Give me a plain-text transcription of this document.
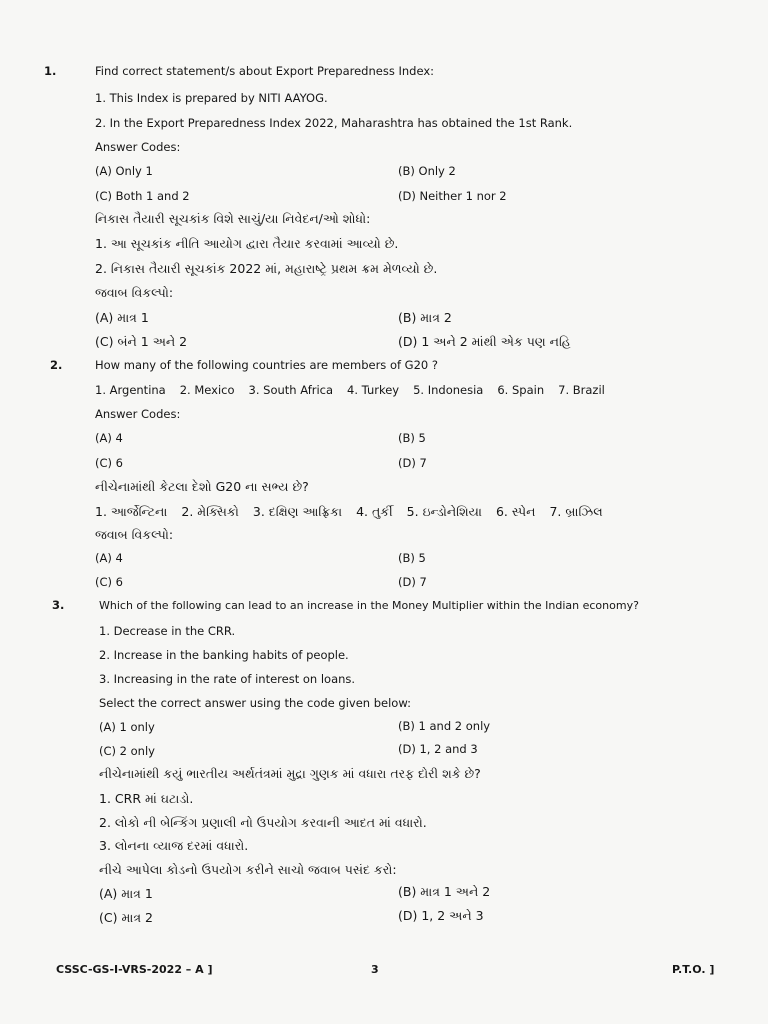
1.	Find correct statement/s about Export Preparedness Index:
1. This Index is prepared by NITI AAYOG.
2. In the Export Preparedness Index 2022, Maharashtra has obtained the 1st Rank.
Answer Codes:
(A) Only 1	(B) Only 2
(C) Both 1 and 2	(D) Neither 1 nor 2
નિકાસ તૈયારી સૂચકાંક વિશે સાચું/યા નિવેદન/ઓ શોધો:
1. આ સૂચકાંક નીતિ આયોગ દ્વારા તૈયાર કરવામાં આવ્યો છે.
2. નિકાસ તૈયારી સૂચકાંક 2022 માં, મહારાષ્ટ્રે પ્રથમ ક્રમ મેળવ્યો છે.
જવાબ વિકલ્પો:
(A) માત્ર 1	(B) માત્ર 2
(C) બંને 1 અને 2	(D) 1 અને 2 માંથી એક પણ નહિ
2.	How many of the following countries are members of G20 ?
1. Argentina 2. Mexico 3. South Africa 4. Turkey 5. Indonesia 6. Spain 7. Brazil
Answer Codes:
(A) 4	(B) 5
(C) 6	(D) 7
નીચેનામાંથી કેટલા દેશો G20 ના સભ્ય છે?
1. આર્જેન્ટિના 2. મેક્સિકો 3. દક્ષિણ આફ્રિકા 4. તુર્કી 5. ઇન્ડોનેશિયા 6. સ્પેન 7. બ્રાઝિલ
જવાબ વિકલ્પો:
(A) 4	(B) 5
(C) 6	(D) 7
3.	Which of the following can lead to an increase in the Money Multiplier within the Indian economy?
1. Decrease in the CRR.
2. Increase in the banking habits of people.
3. Increasing in the rate of interest on loans.
Select the correct answer using the code given below:
(A) 1 only	(B) 1 and 2 only
(C) 2 only	(D) 1, 2 and 3
નીચેનામાંથી કયું ભારતીય અર્થતંત્રમાં મુદ્રા ગુણક માં વધારા તરફ દોરી શકે છે?
1. CRR માં ઘટાડો.
2. લોકો ની બેન્કિંગ પ્રણાલી નો ઉપયોગ કરવાની આદત માં વધારો.
3. લોનના વ્યાજ દરમાં વધારો.
નીચે આપેલા કોડનો ઉપયોગ કરીને સાચો જવાબ પસંદ કરો:
(A) માત્ર 1	(B) માત્ર 1 અને 2
(C) માત્ર 2	(D) 1, 2 અને 3
CSSC-GS-I-VRS-2022 – A ]	3	P.T.O. ]
